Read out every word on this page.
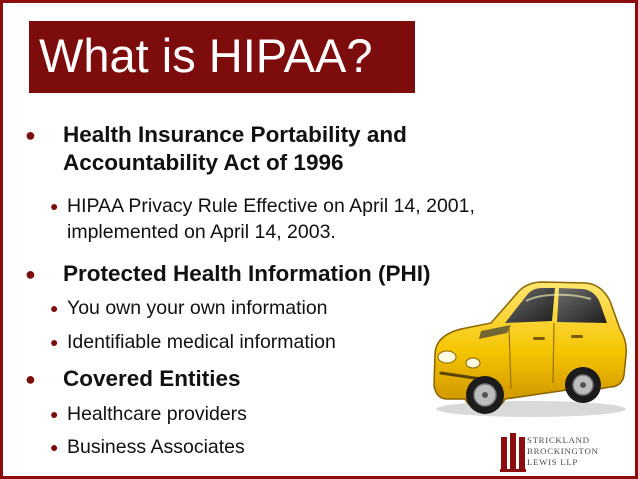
What is HIPAA?
●	Health Insurance Portability and
Accountability Act of 1996
● HIPAA Privacy Rule Effective on April 14, 2001,
implemented on April 14, 2003.
●	Protected Health Information (PHI)
● You own your own information
● Identifiable medical information
●	Covered Entities
● Healthcare providers
● Business Associates	STRICKLAND
BROCKINGTON
LEWIS LLP
